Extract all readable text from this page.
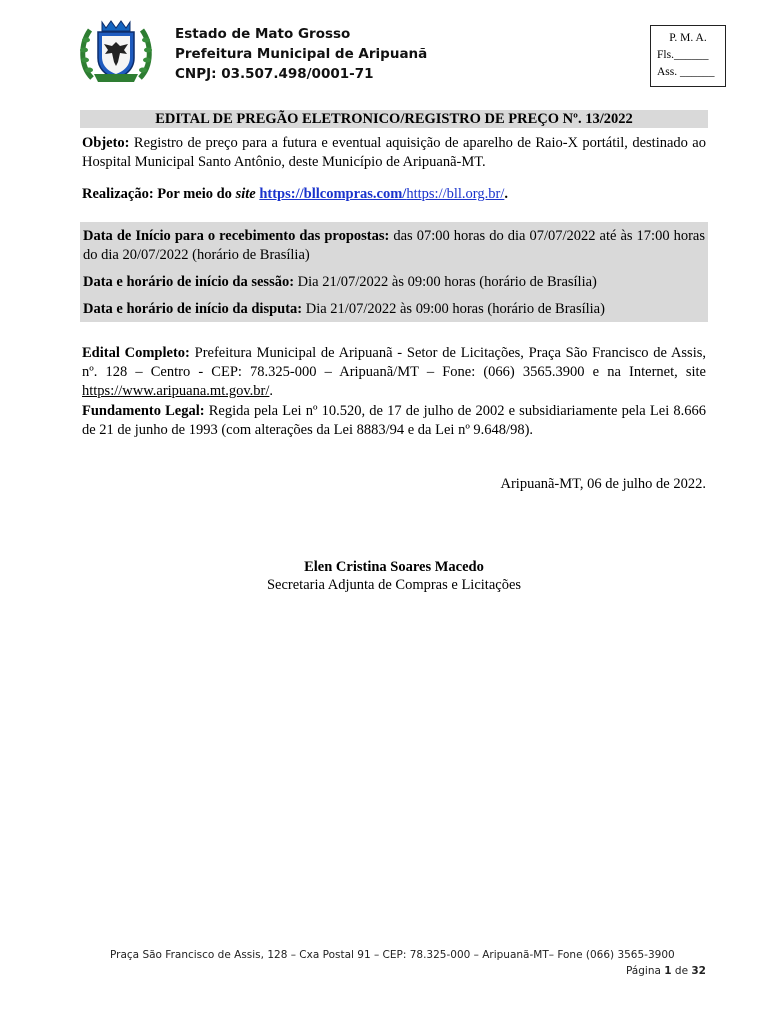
Estado de Mato Grosso
Prefeitura Municipal de Aripuanã
CNPJ: 03.507.498/0001-71
P. M. A.
Fls.______
Ass. ______
EDITAL DE PREGÃO ELETRONICO/REGISTRO DE PREÇO Nº. 13/2022
Objeto: Registro de preço para a futura e eventual aquisição de aparelho de Raio-X portátil, destinado ao Hospital Municipal Santo Antônio, deste Município de Aripuanã-MT.
Realização: Por meio do site https://bllcompras.com/https://bll.org.br/.
Data de Início para o recebimento das propostas: das 07:00 horas do dia 07/07/2022 até às 17:00 horas do dia 20/07/2022 (horário de Brasília)
Data e horário de início da sessão: Dia 21/07/2022 às 09:00 horas (horário de Brasília)
Data e horário de início da disputa: Dia 21/07/2022 às 09:00 horas (horário de Brasília)
Edital Completo: Prefeitura Municipal de Aripuanã - Setor de Licitações, Praça São Francisco de Assis, nº. 128 – Centro - CEP: 78.325-000 – Aripuanã/MT – Fone: (066) 3565.3900 e na Internet, site https://www.aripuana.mt.gov.br/.
Fundamento Legal: Regida pela Lei nº 10.520, de 17 de julho de 2002 e subsidiariamente pela Lei 8.666 de 21 de junho de 1993 (com alterações da Lei 8883/94 e da Lei nº 9.648/98).
Aripuanã-MT, 06 de julho de 2022.
Elen Cristina Soares Macedo
Secretaria Adjunta de Compras e Licitações
Praça São Francisco de Assis, 128 – Cxa Postal 91 – CEP: 78.325-000 – Aripuanã-MT– Fone (066) 3565-3900
Página 1 de 32
